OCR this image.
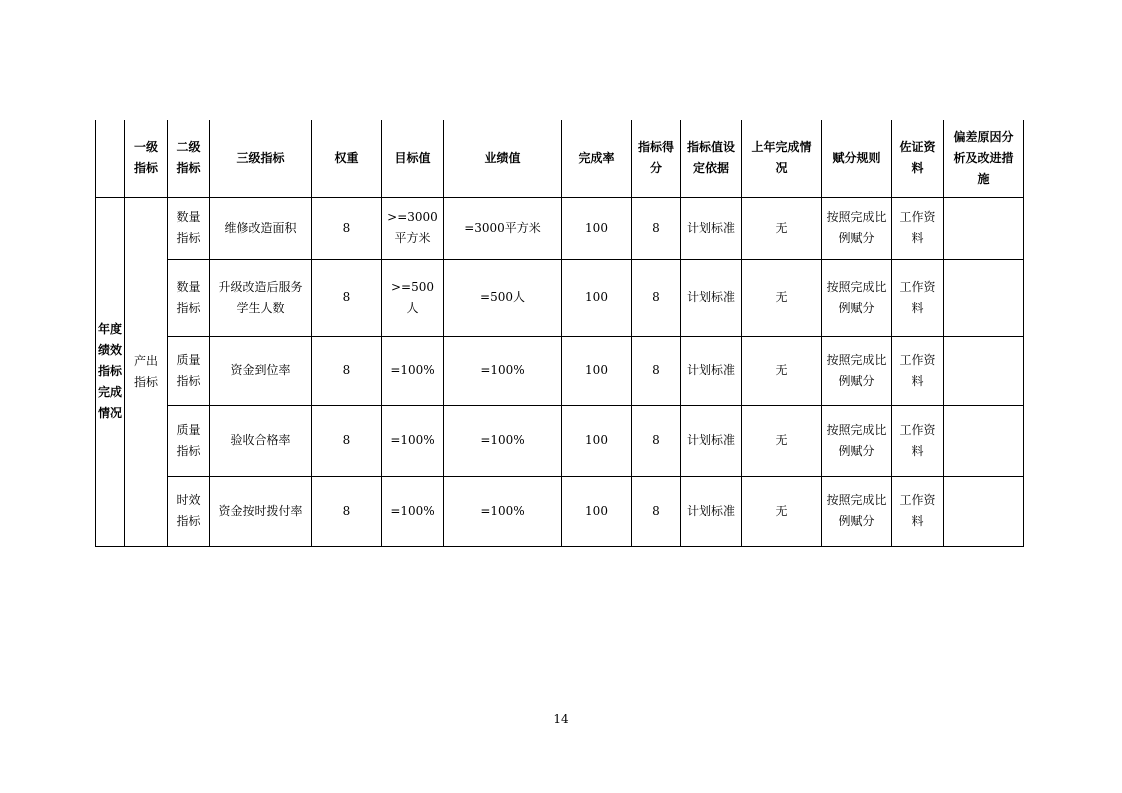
	一级指标	二级指标	三级指标	权重	目标值	业绩值	完成率	指标得分	指标值设定依据	上年完成情况	赋分规则	佐证资料	偏差原因分析及改进措施
年度绩效指标完成情况	产出指标	数量指标	维修改造面积	8	>=3000平方米	=3000平方米	100	8	计划标准	无	按照完成比例赋分	工作资料	
		数量指标	升级改造后服务学生人数	8	>=500人	=500人	100	8	计划标准	无	按照完成比例赋分	工作资料	
		质量指标	资金到位率	8	=100%	=100%	100	8	计划标准	无	按照完成比例赋分	工作资料	
		质量指标	验收合格率	8	=100%	=100%	100	8	计划标准	无	按照完成比例赋分	工作资料	
		时效指标	资金按时拨付率	8	=100%	=100%	100	8	计划标准	无	按照完成比例赋分	工作资料	
14
